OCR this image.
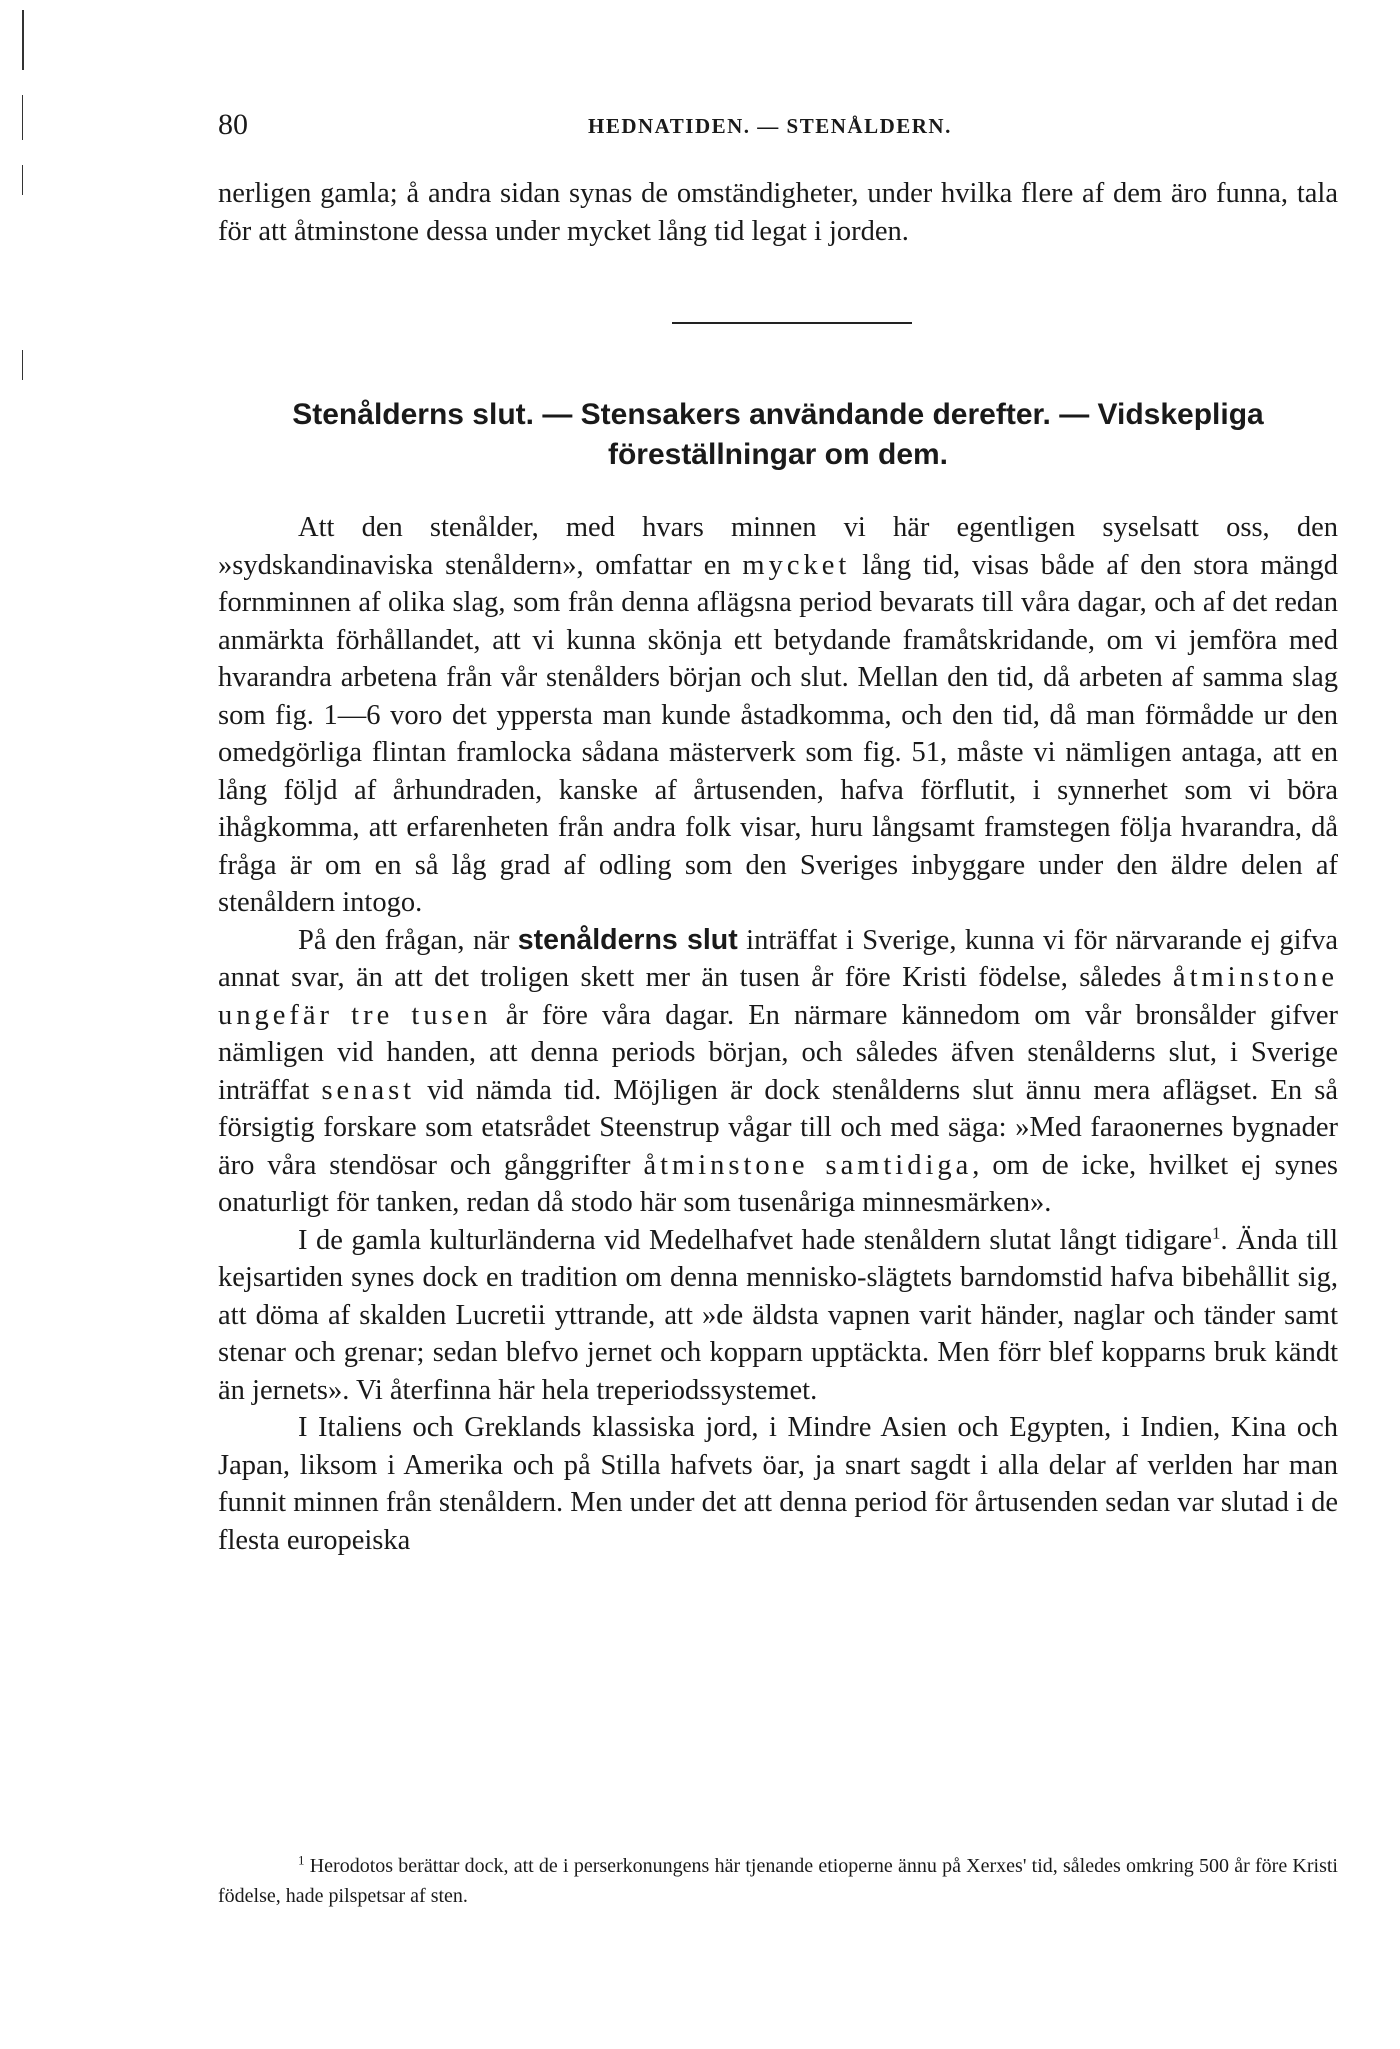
80	HEDNATIDEN. — STENÅLDERN.

nerligen gamla; å andra sidan synas de omständigheter, under hvilka flere af dem äro funna, tala för att åtminstone dessa under mycket lång tid legat i jorden.

Stenålderns slut. — Stensakers användande derefter. — Vidskepliga
föreställningar om dem.

Att den stenålder, med hvars minnen vi här egentligen syselsatt oss, den »sydskandinaviska stenåldern», omfattar en mycket lång tid, visas både af den stora mängd fornminnen af olika slag, som från denna aflägsna period bevarats till våra dagar, och af det redan anmärkta förhållandet, att vi kunna skönja ett betydande framåtskridande, om vi jemföra med hvarandra arbetena från vår stenålders början och slut. Mellan den tid, då arbeten af samma slag som fig. 1—6 voro det yppersta man kunde åstadkomma, och den tid, då man förmådde ur den omedgörliga flintan framlocka sådana mästerverk som fig. 51, måste vi nämligen antaga, att en lång följd af århundraden, kanske af årtusenden, hafva förflutit, i synnerhet som vi böra ihågkomma, att erfarenheten från andra folk visar, huru långsamt framstegen följa hvarandra, då fråga är om en så låg grad af odling som den Sveriges inbyggare under den äldre delen af stenåldern intogo.

På den frågan, när stenålderns slut inträffat i Sverige, kunna vi för närvarande ej gifva annat svar, än att det troligen skett mer än tusen år före Kristi födelse, således åtminstone ungefär tre tusen år före våra dagar. En närmare kännedom om vår bronsålder gifver nämligen vid handen, att denna periods början, och således äfven stenålderns slut, i Sverige inträffat senast vid nämda tid. Möjligen är dock stenålderns slut ännu mera aflägset. En så försigtig forskare som etatsrådet Steenstrup vågar till och med säga: »Med faraonernes bygnader äro våra stendösar och gånggrifter åtminstone samtidiga, om de icke, hvilket ej synes onaturligt för tanken, redan då stodo här som tusenåriga minnesmärken».

I de gamla kulturländerna vid Medelhafvet hade stenåldern slutat långt tidigare$^1$. Ända till kejsartiden synes dock en tradition om denna mennisko-slägtets barndomstid hafva bibehållit sig, att döma af skalden Lucretii yttrande, att »de äldsta vapnen varit händer, naglar och tänder samt stenar och grenar; sedan blefvo jernet och kopparn upptäckta. Men förr blef kopparns bruk kändt än jernets». Vi återfinna här hela treperiodssystemet.

I Italiens och Greklands klassiska jord, i Mindre Asien och Egypten, i Indien, Kina och Japan, liksom i Amerika och på Stilla hafvets öar, ja snart sagdt i alla delar af verlden har man funnit minnen från stenåldern. Men under det att denna period för årtusenden sedan var slutad i de flesta europeiska

$^1$ Herodotos berättar dock, att de i perserkonungens här tjenande etioperne ännu på Xerxes' tid, således omkring 500 år före Kristi födelse, hade pilspetsar af sten.
